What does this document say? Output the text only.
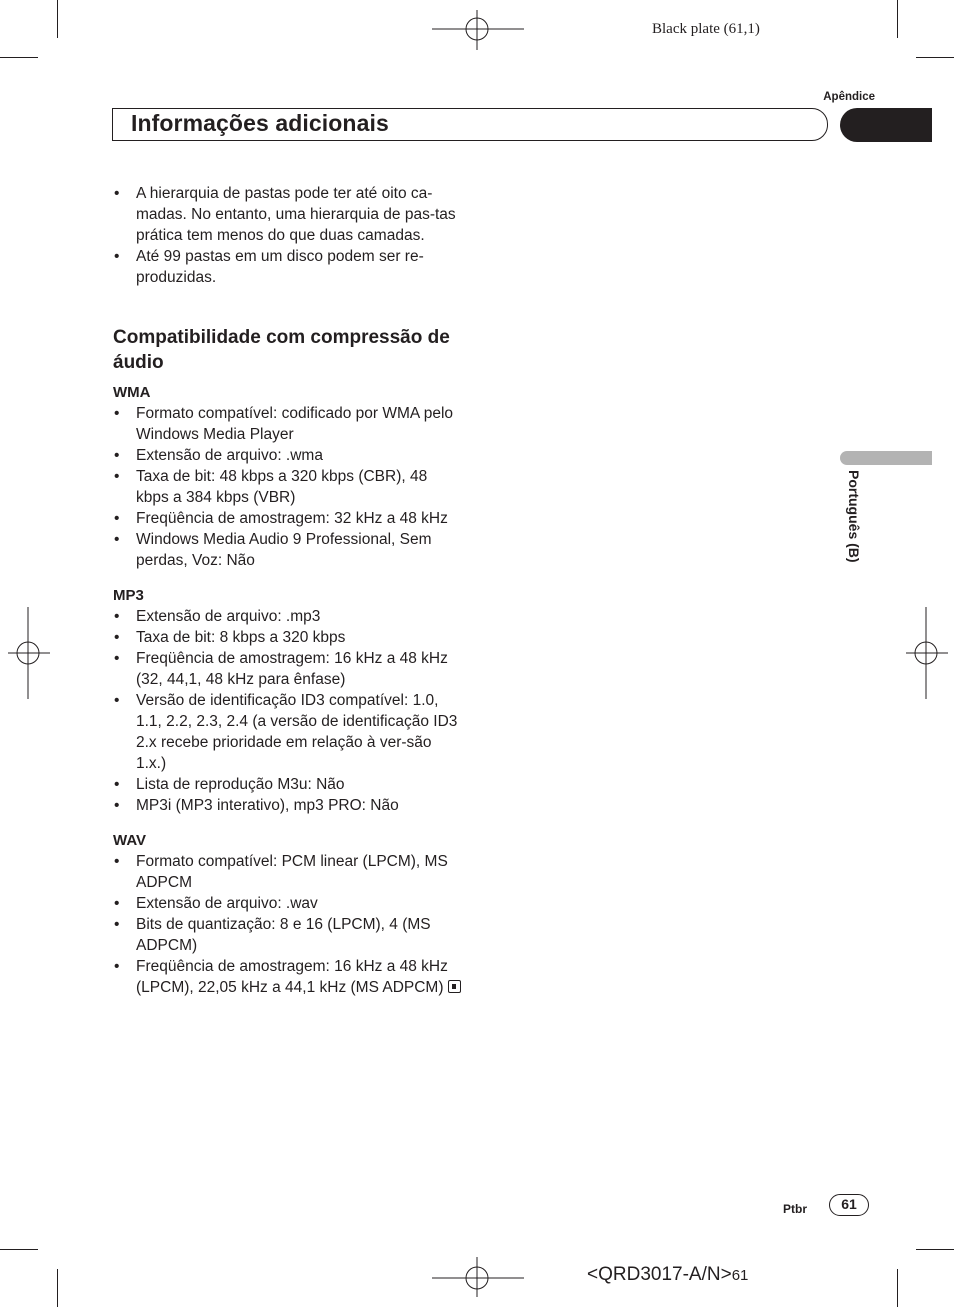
Black plate (61,1)
Apêndice
Informações adicionais
Português (B)
• A hierarquia de pastas pode ter até oito ca-madas. No entanto, uma hierarquia de pas-tas prática tem menos do que duas camadas.
• Até 99 pastas em um disco podem ser re-produzidas.
Compatibilidade com compressão de áudio
WMA
• Formato compatível: codificado por WMA pelo Windows Media Player
• Extensão de arquivo: .wma
• Taxa de bit: 48 kbps a 320 kbps (CBR), 48 kbps a 384 kbps (VBR)
• Freqüência de amostragem: 32 kHz a 48 kHz
• Windows Media Audio 9 Professional, Sem perdas, Voz: Não
MP3
• Extensão de arquivo: .mp3
• Taxa de bit: 8 kbps a 320 kbps
• Freqüência de amostragem: 16 kHz a 48 kHz (32, 44,1, 48 kHz para ênfase)
• Versão de identificação ID3 compatível: 1.0, 1.1, 2.2, 2.3, 2.4 (a versão de identificação ID3 2.x recebe prioridade em relação à ver-são 1.x.)
• Lista de reprodução M3u: Não
• MP3i (MP3 interativo), mp3 PRO: Não
WAV
• Formato compatível: PCM linear (LPCM), MS ADPCM
• Extensão de arquivo: .wav
• Bits de quantização: 8 e 16 (LPCM), 4 (MS ADPCM)
• Freqüência de amostragem: 16 kHz a 48 kHz (LPCM), 22,05 kHz a 44,1 kHz (MS ADPCM)
Ptbr	61
<QRD3017-A/N>61
